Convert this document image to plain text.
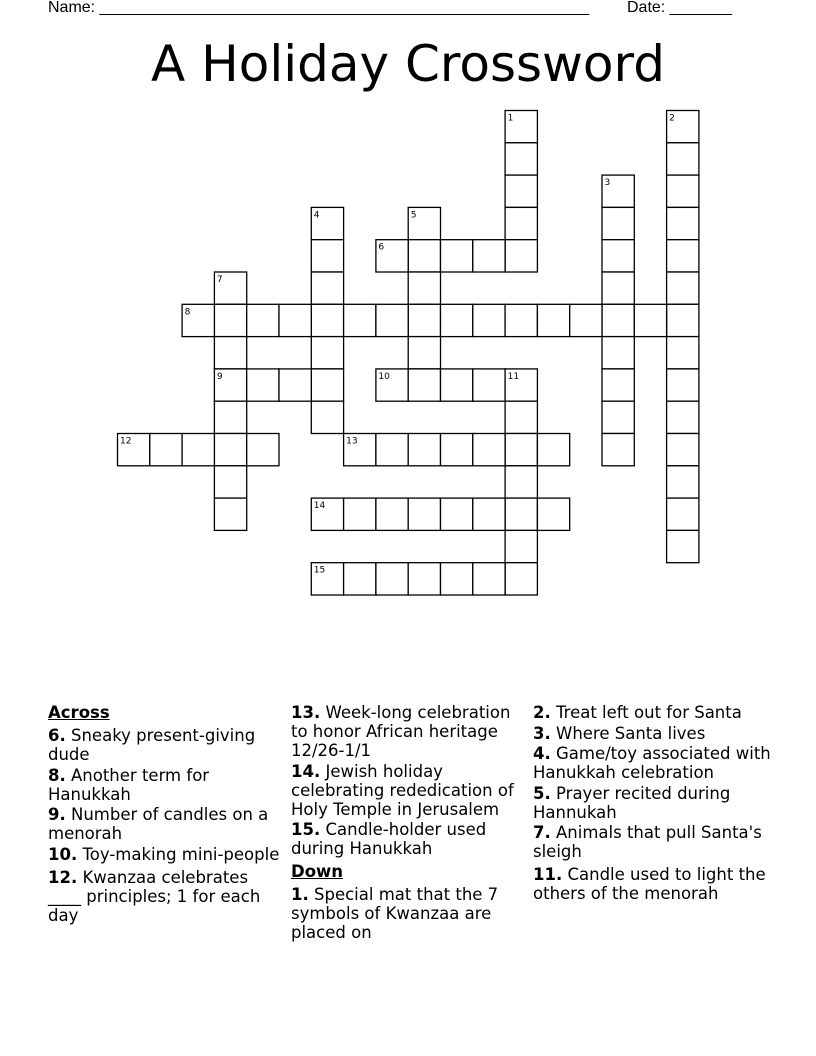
Name: _______________________________________________________ Date: _______
A Holiday Crossword
1	2
3
4	5
6
7
8
9	10	11
12	13
14
15
Across
6. Sneaky present-giving dude
8. Another term for Hanukkah
9. Number of candles on a menorah
10. Toy-making mini-people
12. Kwanzaa celebrates ____ principles; 1 for each day
13. Week-long celebration to honor African heritage 12/26-1/1
14. Jewish holiday celebrating rededication of Holy Temple in Jerusalem
15. Candle-holder used during Hanukkah
Down
1. Special mat that the 7 symbols of Kwanzaa are placed on
2. Treat left out for Santa
3. Where Santa lives
4. Game/toy associated with Hanukkah celebration
5. Prayer recited during Hannukah
7. Animals that pull Santa's sleigh
11. Candle used to light the others of the menorah
